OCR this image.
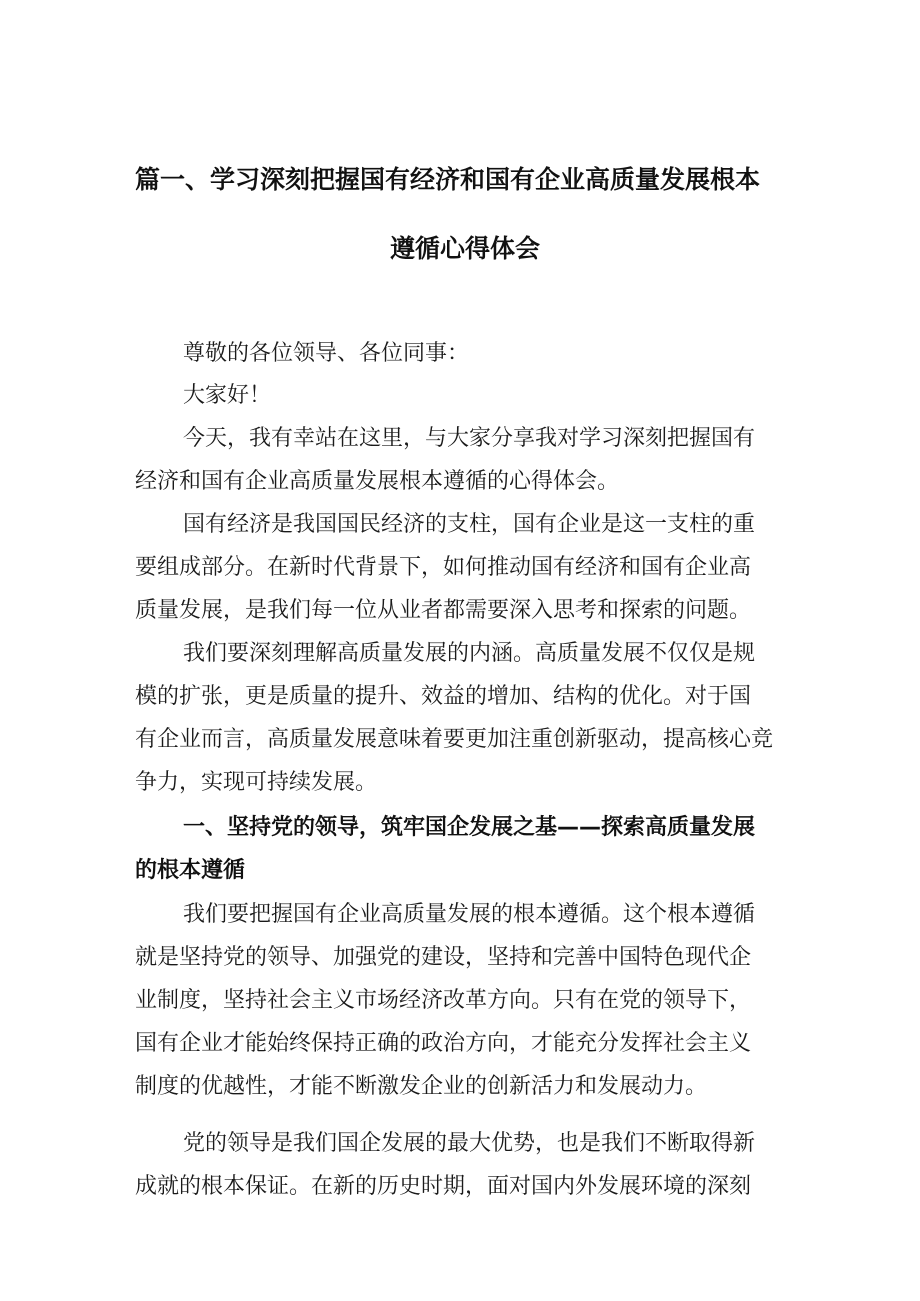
篇一、学习深刻把握国有经济和国有企业高质量发展根本
遵循心得体会
尊敬的各位领导、各位同事：
大家好！
今天，我有幸站在这里，与大家分享我对学习深刻把握国有
经济和国有企业高质量发展根本遵循的心得体会。
国有经济是我国国民经济的支柱，国有企业是这一支柱的重
要组成部分。在新时代背景下，如何推动国有经济和国有企业高
质量发展，是我们每一位从业者都需要深入思考和探索的问题。
我们要深刻理解高质量发展的内涵。高质量发展不仅仅是规
模的扩张，更是质量的提升、效益的增加、结构的优化。对于国
有企业而言，高质量发展意味着要更加注重创新驱动，提高核心竞
争力，实现可持续发展。
一、坚持党的领导，筑牢国企发展之基——探索高质量发展
的根本遵循
我们要把握国有企业高质量发展的根本遵循。这个根本遵循
就是坚持党的领导、加强党的建设，坚持和完善中国特色现代企
业制度，坚持社会主义市场经济改革方向。只有在党的领导下，
国有企业才能始终保持正确的政治方向，才能充分发挥社会主义
制度的优越性，才能不断激发企业的创新活力和发展动力。
党的领导是我们国企发展的最大优势，也是我们不断取得新
成就的根本保证。在新的历史时期，面对国内外发展环境的深刻
